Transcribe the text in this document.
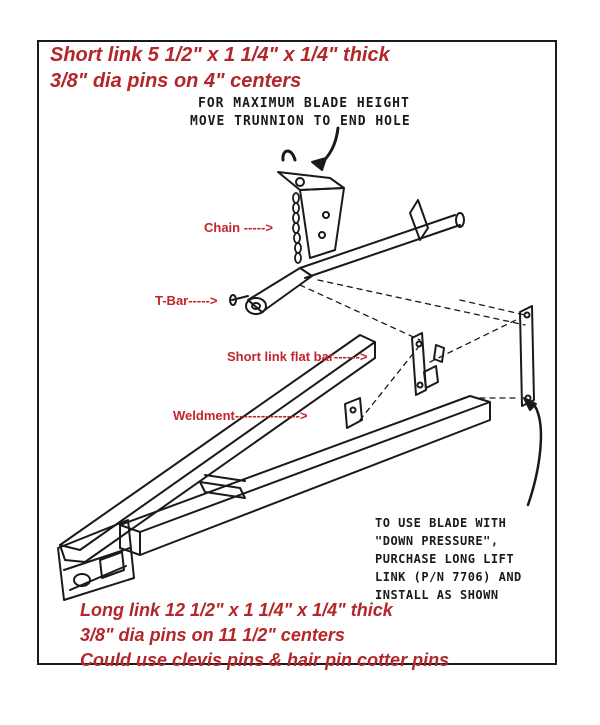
Short link 5 1/2" x 1 1/4" x 1/4" thick
3/8" dia pins on 4" centers
FOR MAXIMUM BLADE HEIGHT
MOVE TRUNNION TO END HOLE
Chain ----->
T-Bar----->
Short link flat bar------>
Weldment--------------->
TO USE BLADE WITH
"DOWN PRESSURE",
PURCHASE LONG LIFT
LINK (P/N 7706) AND
INSTALL AS SHOWN
Long link 12 1/2" x 1 1/4" x 1/4" thick
3/8" dia pins on 11 1/2" centers
Could use clevis pins & hair pin cotter pins
